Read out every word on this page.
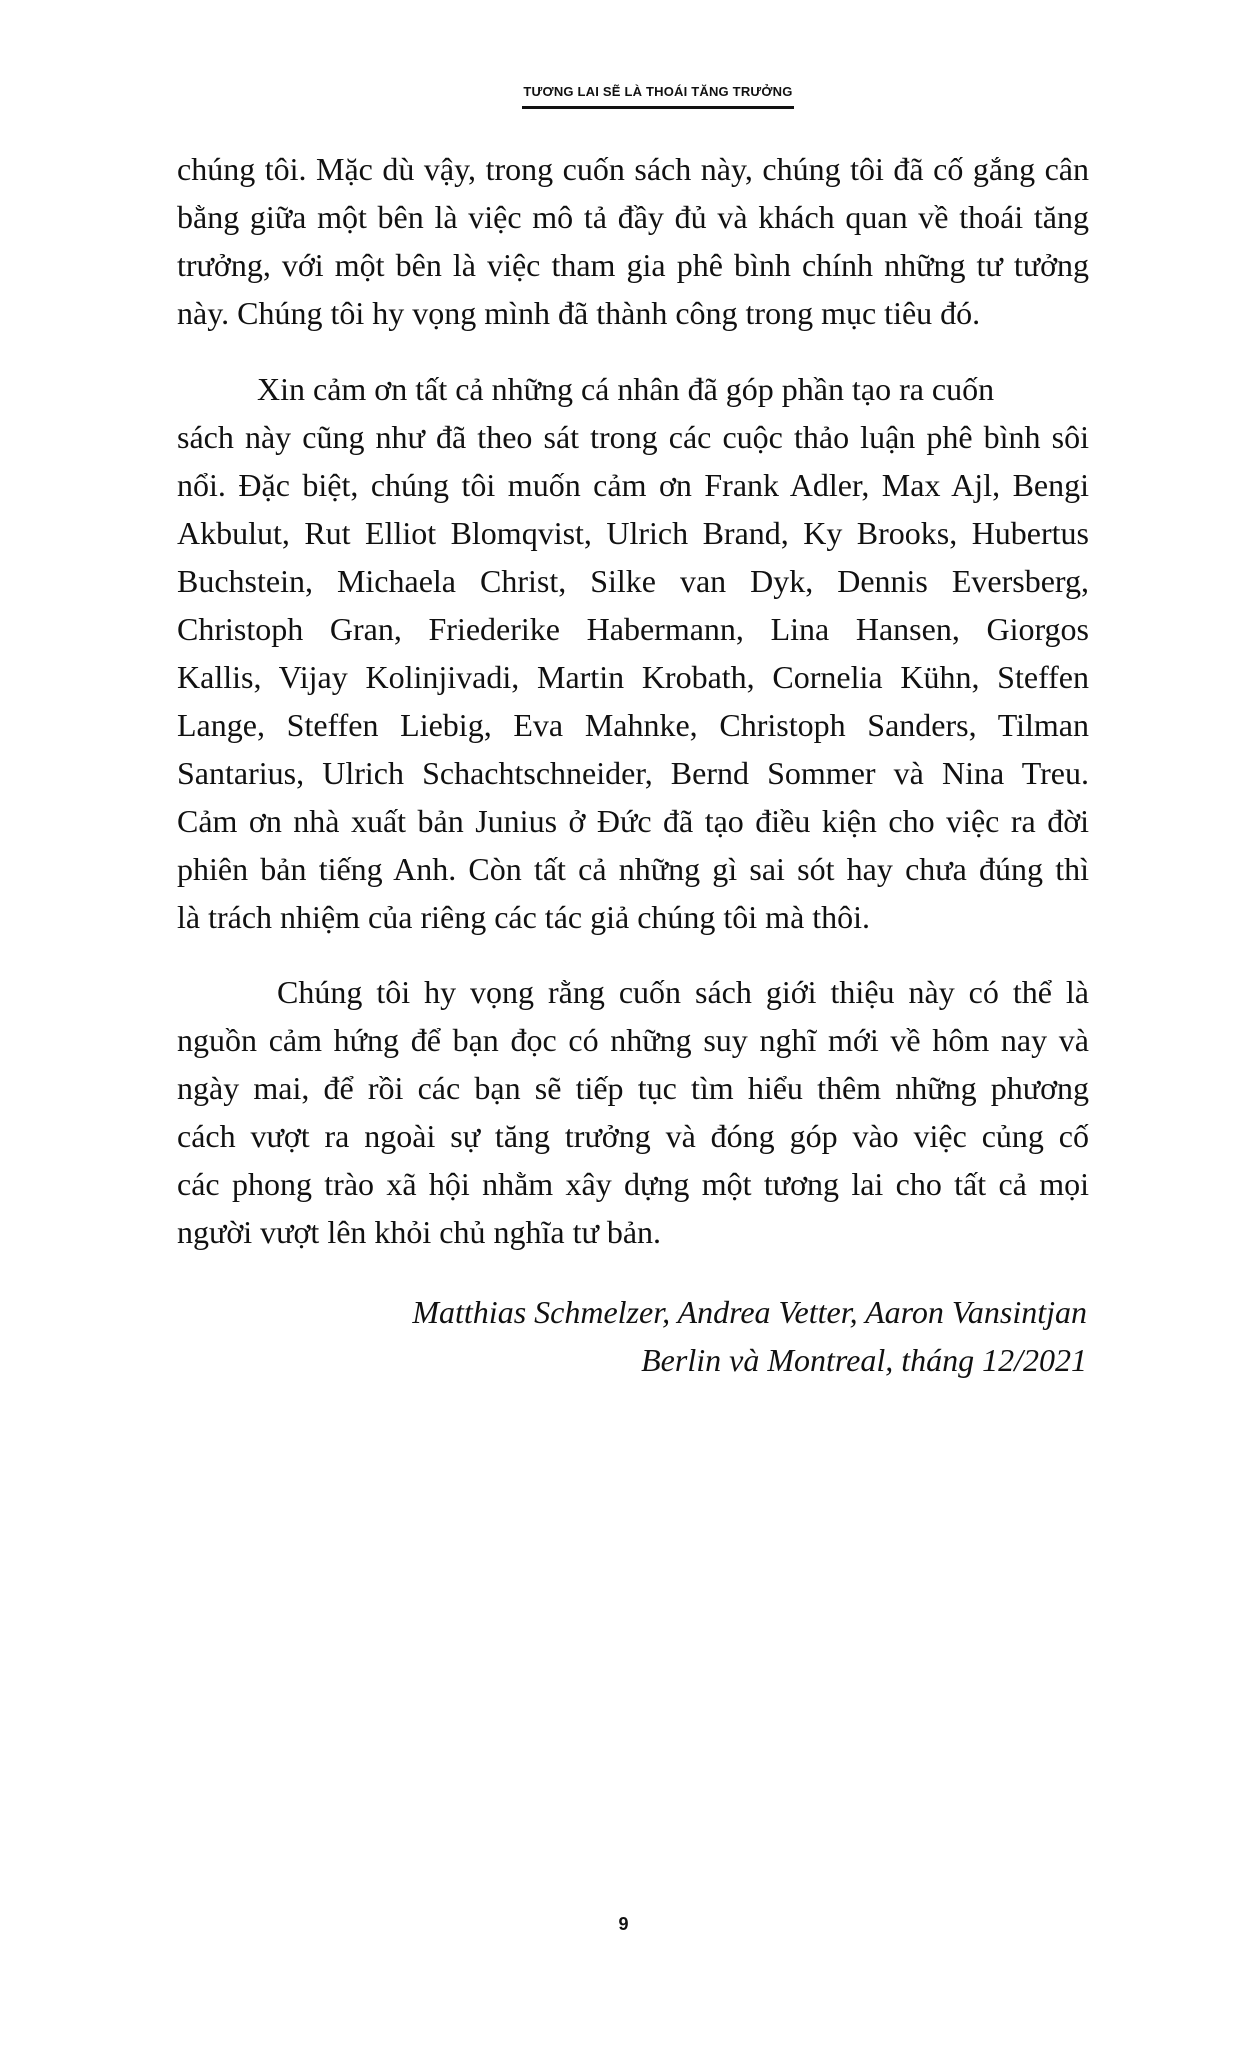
TƯƠNG LAI SẼ LÀ THOÁI TĂNG TRƯỞNG
chúng tôi. Mặc dù vậy, trong cuốn sách này, chúng tôi đã cố gắng cân
bằng giữa một bên là việc mô tả đầy đủ và khách quan về thoái tăng
trưởng, với một bên là việc tham gia phê bình chính những tư tưởng
này. Chúng tôi hy vọng mình đã thành công trong mục tiêu đó.
Xin cảm ơn tất cả những cá nhân đã góp phần tạo ra cuốn
sách này cũng như đã theo sát trong các cuộc thảo luận phê bình sôi
nổi. Đặc biệt, chúng tôi muốn cảm ơn Frank Adler, Max Ajl, Bengi
Akbulut, Rut Elliot Blomqvist, Ulrich Brand, Ky Brooks, Hubertus
Buchstein, Michaela Christ, Silke van Dyk, Dennis Eversberg,
Christoph Gran, Friederike Habermann, Lina Hansen, Giorgos
Kallis, Vijay Kolinjivadi, Martin Krobath, Cornelia Kühn, Steffen
Lange, Steffen Liebig, Eva Mahnke, Christoph Sanders, Tilman
Santarius, Ulrich Schachtschneider, Bernd Sommer và Nina Treu.
Cảm ơn nhà xuất bản Junius ở Đức đã tạo điều kiện cho việc ra đời
phiên bản tiếng Anh. Còn tất cả những gì sai sót hay chưa đúng thì
là trách nhiệm của riêng các tác giả chúng tôi mà thôi.
Chúng tôi hy vọng rằng cuốn sách giới thiệu này có thể là
nguồn cảm hứng để bạn đọc có những suy nghĩ mới về hôm nay và
ngày mai, để rồi các bạn sẽ tiếp tục tìm hiểu thêm những phương
cách vượt ra ngoài sự tăng trưởng và đóng góp vào việc củng cố
các phong trào xã hội nhằm xây dựng một tương lai cho tất cả mọi
người vượt lên khỏi chủ nghĩa tư bản.
Matthias Schmelzer, Andrea Vetter, Aaron Vansintjan
Berlin và Montreal, tháng 12/2021
9
